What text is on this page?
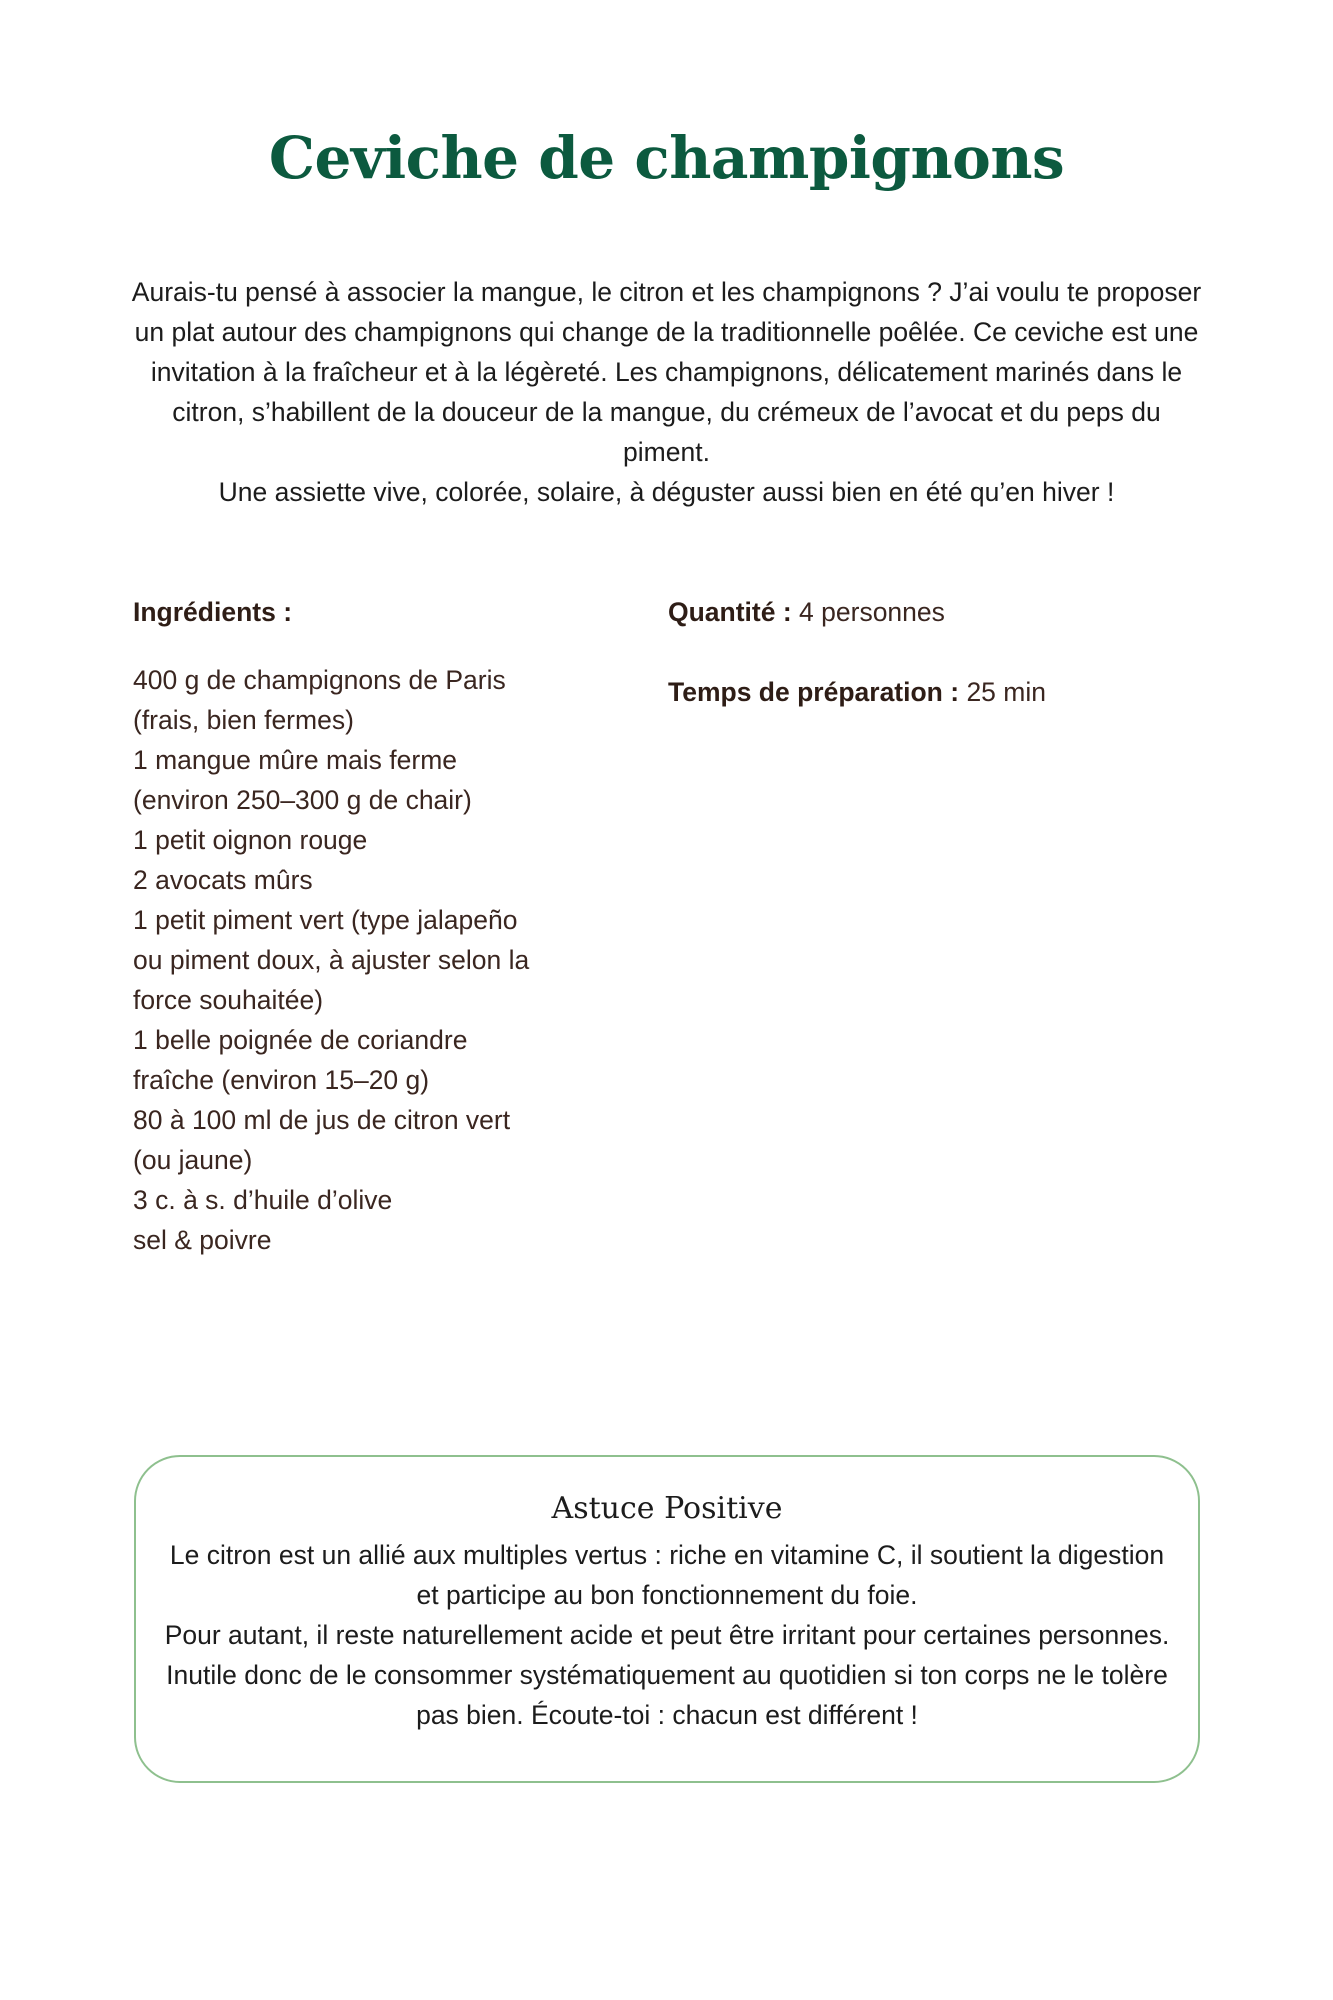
Ceviche de champignons

Aurais-tu pensé à associer la mangue, le citron et les champignons ? J’ai voulu te proposer un plat autour des champignons qui change de la traditionnelle poêlée. Ce ceviche est une invitation à la fraîcheur et à la légèreté. Les champignons, délicatement marinés dans le citron, s’habillent de la douceur de la mangue, du crémeux de l’avocat et du peps du piment.

Une assiette vive, colorée, solaire, à déguster aussi bien en été qu’en hiver !

Ingrédients :
400 g de champignons de Paris (frais, bien fermes)
1 mangue mûre mais ferme (environ 250–300 g de chair)
1 petit oignon rouge
2 avocats mûrs
1 petit piment vert (type jalapeño ou piment doux, à ajuster selon la force souhaitée)
1 belle poignée de coriandre fraîche (environ 15–20 g)
80 à 100 ml de jus de citron vert (ou jaune)
3 c. à s. d’huile d’olive
sel & poivre
Quantité : 4 personnes
Temps de préparation : 25 min
Astuce Positive

Le citron est un allié aux multiples vertus : riche en vitamine C, il soutient la digestion et participe au bon fonctionnement du foie.

Pour autant, il reste naturellement acide et peut être irritant pour certaines personnes. Inutile donc de le consommer systématiquement au quotidien si ton corps ne le tolère pas bien. Écoute-toi : chacun est différent !
